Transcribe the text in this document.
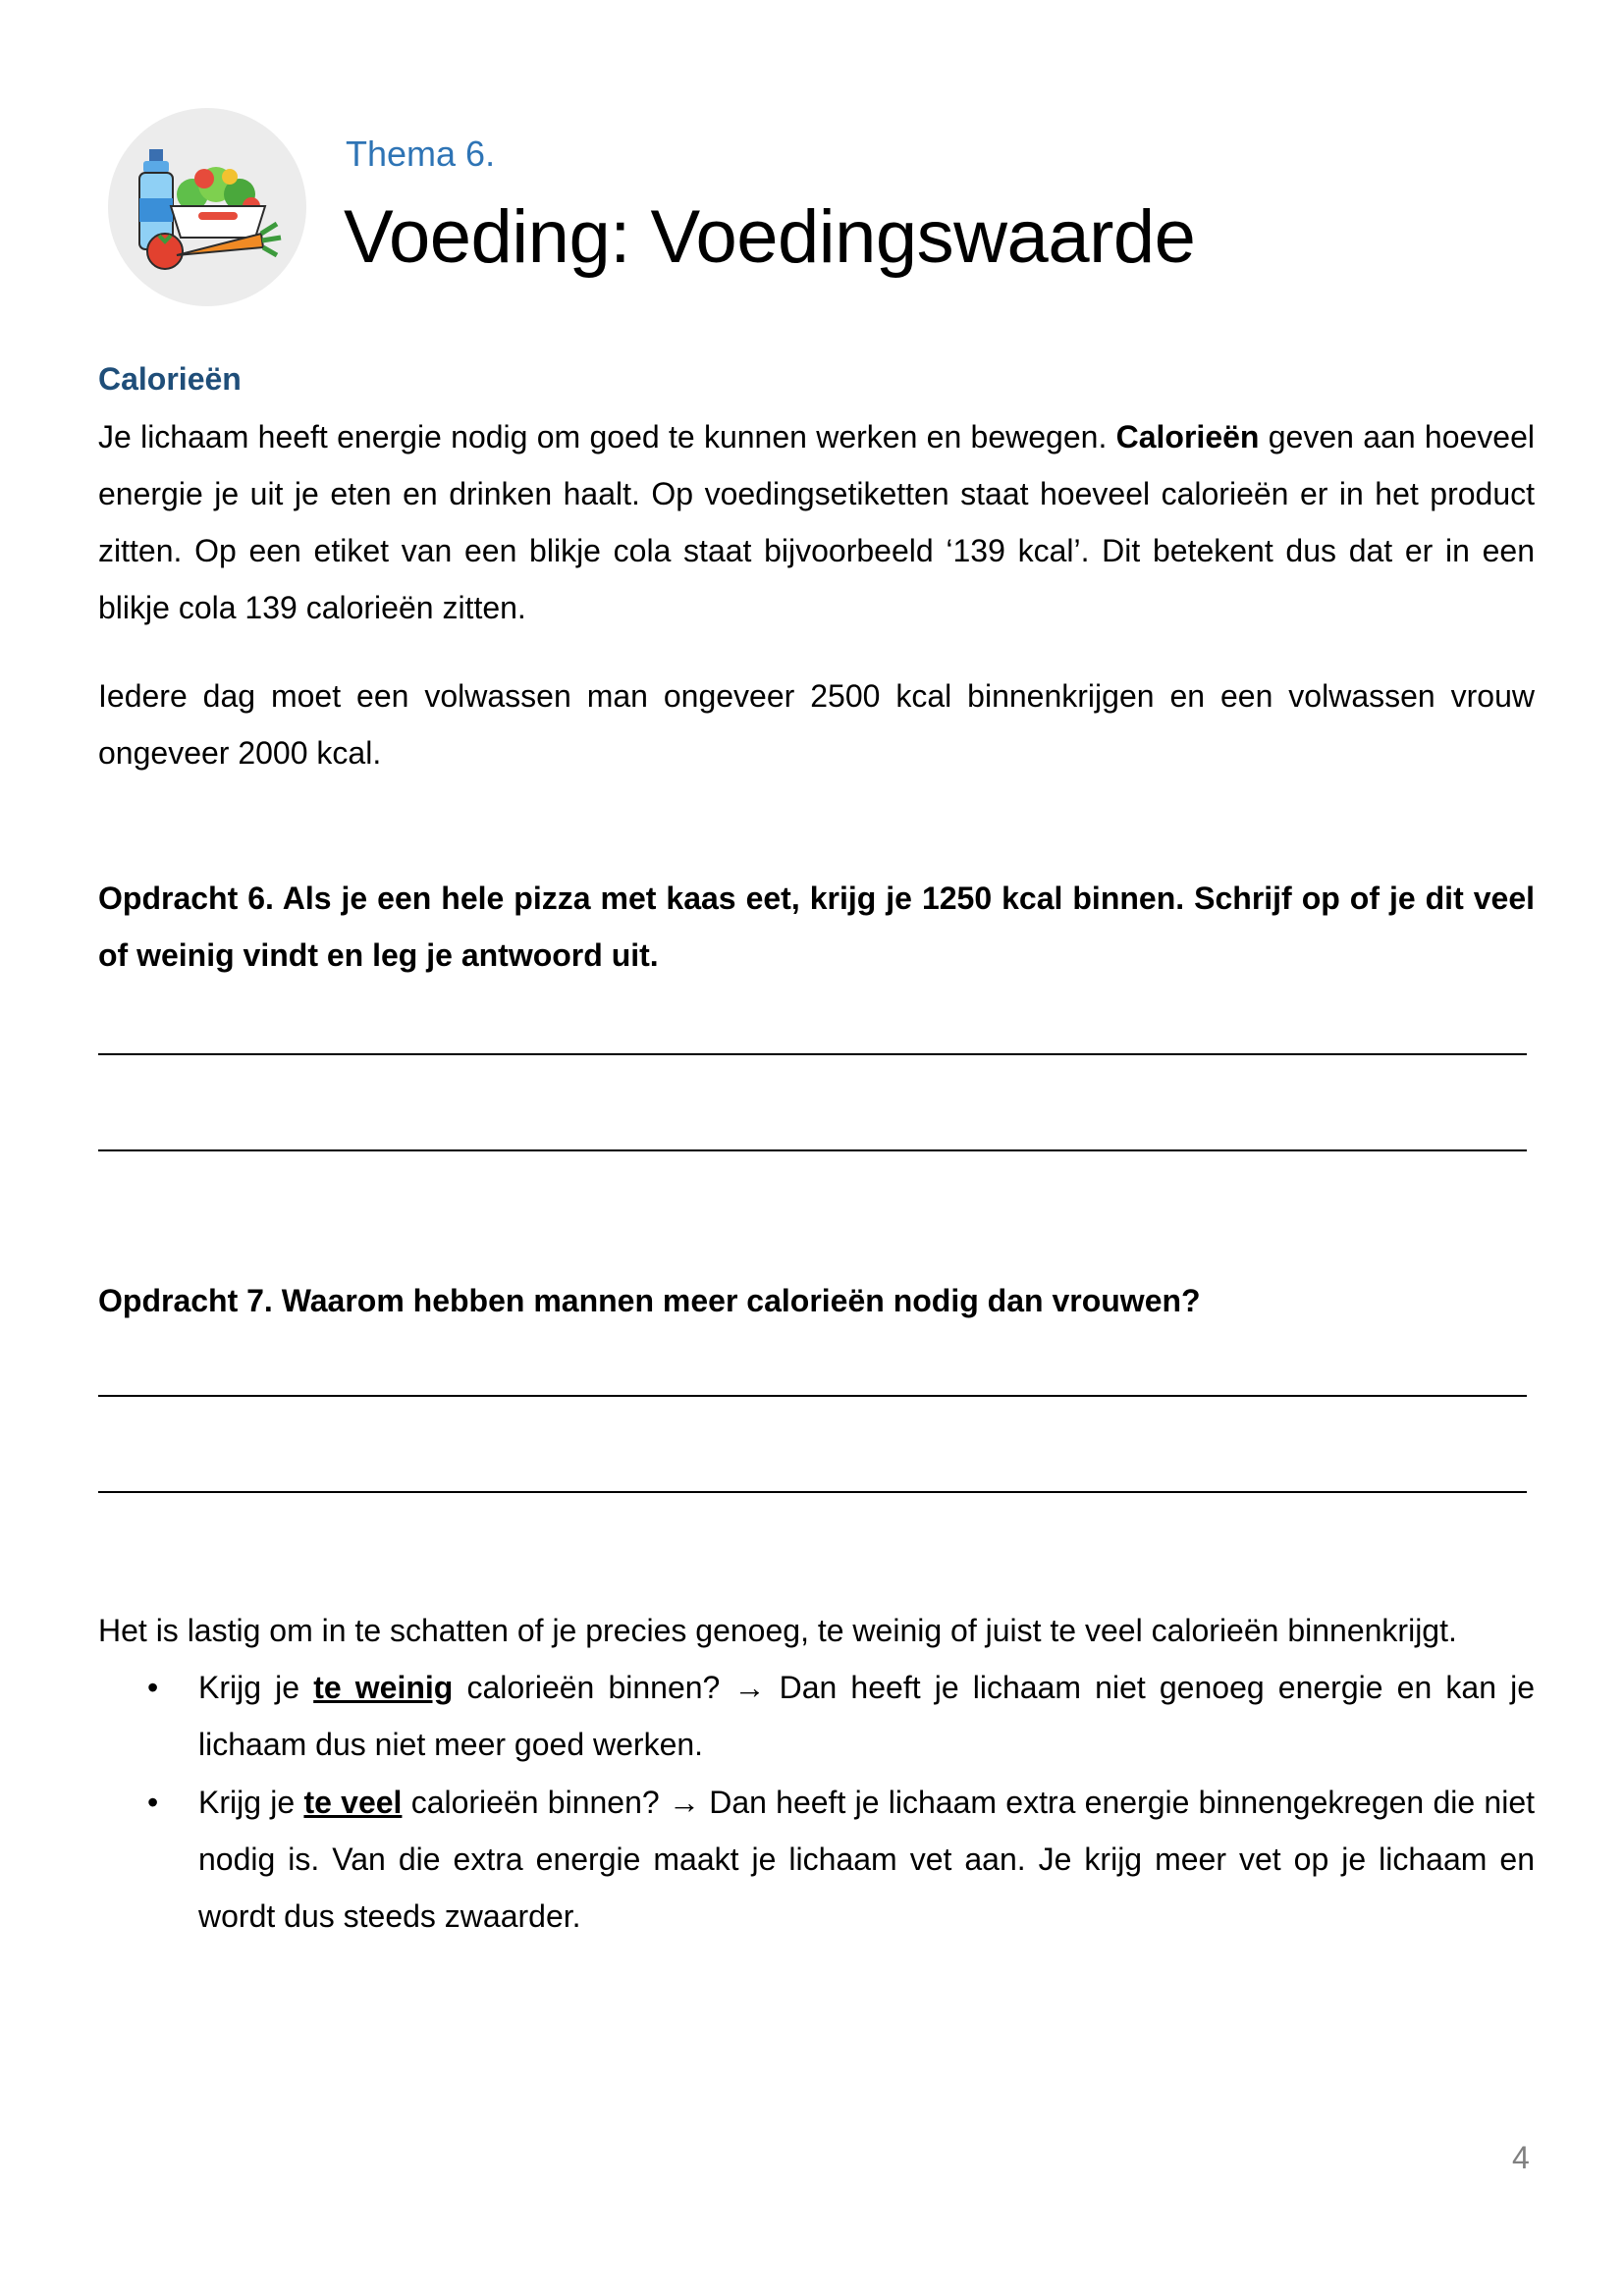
Thema 6.
Voeding: Voedingswaarde
Calorieën
Je lichaam heeft energie nodig om goed te kunnen werken en bewegen. Calorieën geven aan hoeveel energie je uit je eten en drinken haalt. Op voedingsetiketten staat hoeveel calorieën er in het product zitten. Op een etiket van een blikje cola staat bijvoorbeeld ‘139 kcal’. Dit betekent dus dat er in een blikje cola 139 calorieën zitten.
Iedere dag moet een volwassen man ongeveer 2500 kcal binnenkrijgen en een volwassen vrouw ongeveer 2000 kcal.
Opdracht 6. Als je een hele pizza met kaas eet, krijg je 1250 kcal binnen. Schrijf op of je dit veel of weinig vindt en leg je antwoord uit.
Opdracht 7. Waarom hebben mannen meer calorieën nodig dan vrouwen?
Het is lastig om in te schatten of je precies genoeg, te weinig of juist te veel calorieën binnenkrijgt.
• Krijg je te weinig calorieën binnen? → Dan heeft je lichaam niet genoeg energie en kan je lichaam dus niet meer goed werken.
• Krijg je te veel calorieën binnen? → Dan heeft je lichaam extra energie binnengekregen die niet nodig is. Van die extra energie maakt je lichaam vet aan. Je krijg meer vet op je lichaam en wordt dus steeds zwaarder.
4
